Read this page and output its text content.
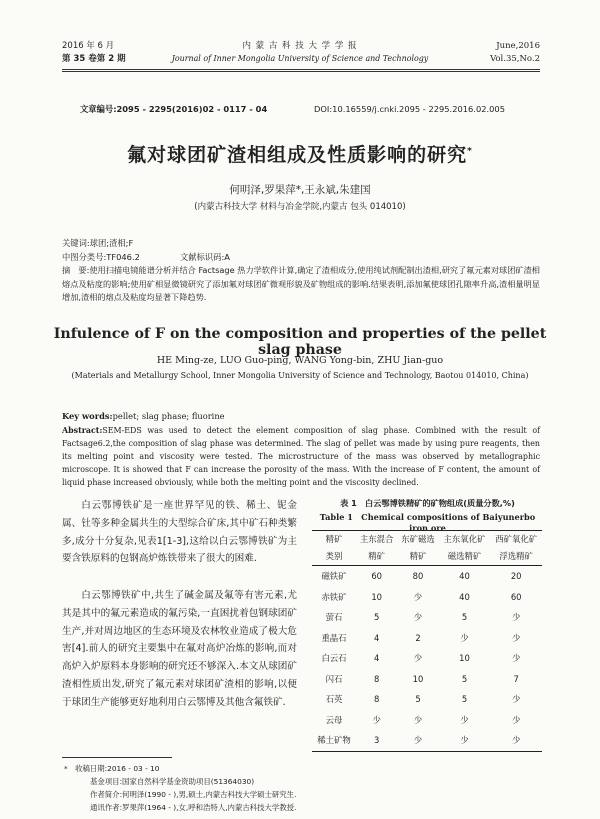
2016 年 6 月
第 35 卷第 2 期
内 蒙 古 科 技 大 学 学 报
Journal of Inner Mongolia University of Science and Technology
June,2016
Vol.35,No.2
文章编号:2095 - 2295(2016)02 - 0117 - 04	DOI:10.16559/j.cnki.2095 - 2295.2016.02.005
氟对球团矿渣相组成及性质影响的研究*
何明泽,罗果萍*,王永斌,朱建国
(内蒙古科技大学 材料与冶金学院,内蒙古 包头 014010)
关键词:球团;渣相;F
中图分类号:TF046.2	文献标识码:A
摘　要:使用扫描电镜能谱分析并结合 Factsage 热力学软件计算,确定了渣相成分,使用纯试剂配制出渣相,研究了氟元素对球团矿渣相熔点及粘度的影响;使用矿相显微镜研究了添加氟对球团矿微观形貌及矿物组成的影响.结果表明,添加氟使球团孔隙率升高,渣相量明显增加,渣相的熔点及粘度均显著下降趋势.
Infulence of F on the composition and properties of the pellet slag phase
HE Ming-ze, LUO Guo-ping, WANG Yong-bin, ZHU Jian-guo
(Materials and Metallurgy School, Inner Mongolia University of Science and Technology, Baotou 014010, China)
Key words:pellet; slag phase; fluorine
Abstract:SEM-EDS was used to detect the element composition of slag phase. Combined with the result of Factsage6.2,the composition of slag phase was determined. The slag of pellet was made by using pure reagents, then its melting point and viscosity were tested. The microstructure of the mass was observed by metallographic microscope. It is showed that F can increase the porosity of the mass. With the increase of F content, the amount of liquid phase increased obviously, while both the melting point and the viscosity declined.
白云鄂博铁矿是一座世界罕见的铁、稀土、铌金属、钍等多种金属共生的大型综合矿床,其中矿石种类繁多,成分十分复杂,见表1[1-3],这给以白云鄂博铁矿为主要含铁原料的包钢高炉炼铁带来了很大的困难.
白云鄂博铁矿中,共生了碱金属及氟等有害元素,尤其是其中的氟元素造成的氟污染,一直困扰着包钢球团矿生产,并对周边地区的生态环境及农林牧业造成了极大危害[4].前人的研究主要集中在氟对高炉冶炼的影响,而对高炉入炉原料本身影响的研究还不够深入.本文从球团矿渣相性质出发,研究了氟元素对球团矿渣相的影响,以便于球团生产能够更好地利用白云鄂博及其他含氟铁矿.
表 1　白云鄂博铁精矿的矿物组成(质量分数,%)
Table 1　Chemical compositions of Baiyunerbo iron ore
精矿	主东混合	东矿磁选	主东氧化矿	西矿氧化矿
类别	精矿	精矿	磁选精矿	浮选精矿
磁铁矿	60	80	40	20
赤铁矿	10	少	40	60
萤石	5	少	5	少
重晶石	4	2	少	少
白云石	4	少	10	少
闪石	8	10	5	7
石英	8	5	5	少
云母	少	少	少	少
稀土矿物	3	少	少	少
*　收稿日期:2016 - 03 - 10
基金项目:国家自然科学基金资助项目(51364030)
作者简介:何明泽(1990 - ),男,硕士,内蒙古科技大学硕士研究生.
通讯作者:罗果萍(1964 - ),女,呼和浩特人,内蒙古科技大学教授.
